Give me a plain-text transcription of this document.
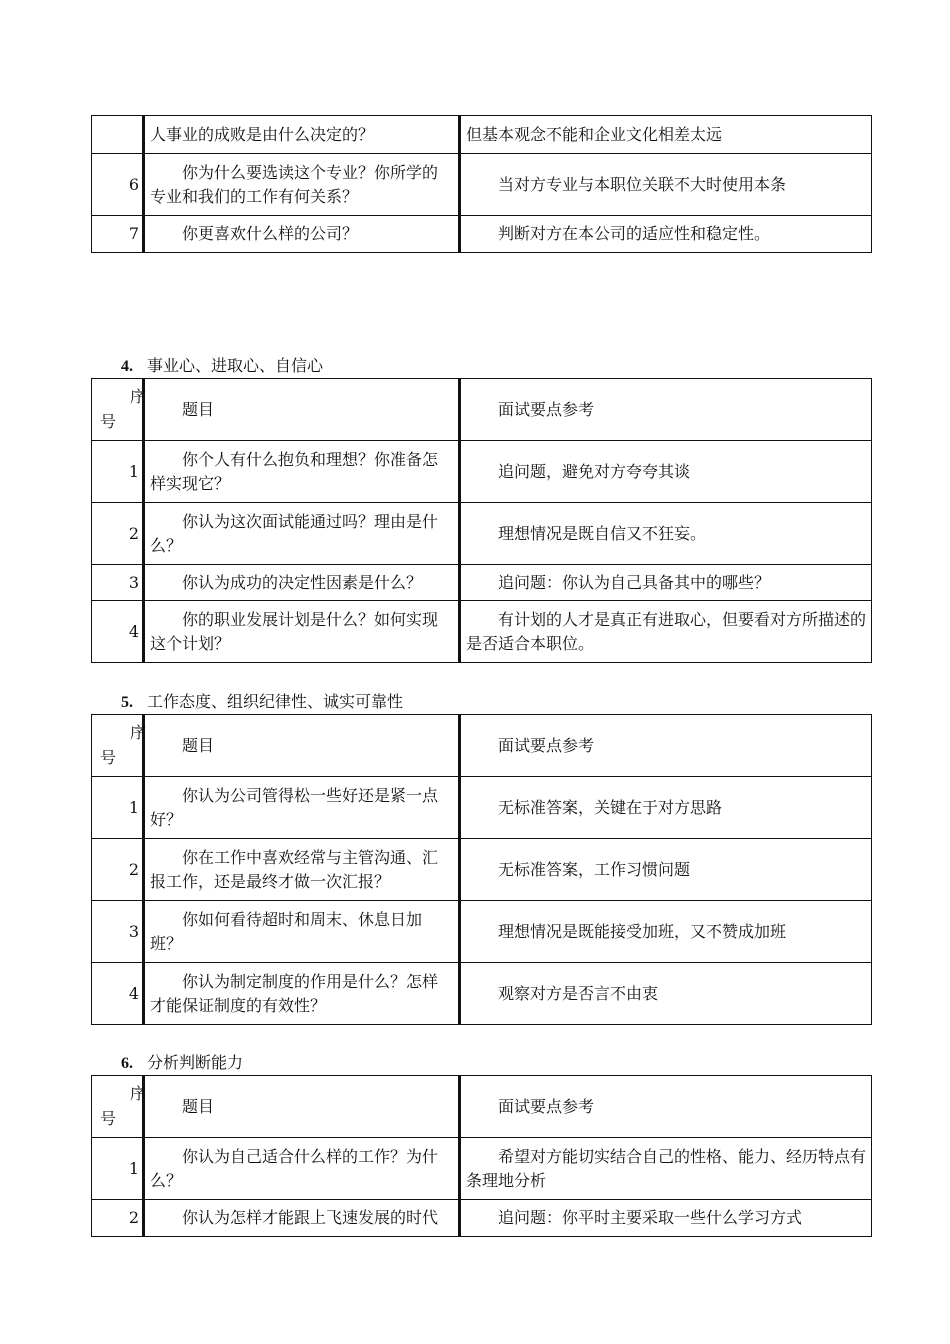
	人事业的成败是由什么决定的？	但基本观念不能和企业文化相差太远

6	你为什么要选读这个专业？你所学的专业和我们的工作有何关系？	当对方专业与本职位关联不大时使用本条

7	你更喜欢什么样的公司？	判断对方在本公司的适应性和稳定性。
4. 事业心、进取心、自信心
序
号	题目	面试要点参考

1	你个人有什么抱负和理想？你准备怎样实现它？	追问题，避免对方夸夸其谈

2	你认为这次面试能通过吗？理由是什么？	理想情况是既自信又不狂妄。

3	你认为成功的决定性因素是什么？	追问题：你认为自己具备其中的哪些？

4	你的职业发展计划是什么？如何实现这个计划？	有计划的人才是真正有进取心，但要看对方所描述的是否适合本职位。
5. 工作态度、组织纪律性、诚实可靠性
序
号	题目	面试要点参考

1	你认为公司管得松一些好还是紧一点好？	无标准答案，关键在于对方思路

2	你在工作中喜欢经常与主管沟通、汇报工作，还是最终才做一次汇报？	无标准答案，工作习惯问题

3	你如何看待超时和周末、休息日加班？	理想情况是既能接受加班，又不赞成加班

4	你认为制定制度的作用是什么？怎样才能保证制度的有效性？	观察对方是否言不由衷
6. 分析判断能力
序
号	题目	面试要点参考

1	你认为自己适合什么样的工作？为什么？	希望对方能切实结合自己的性格、能力、经历特点有条理地分析

2	你认为怎样才能跟上飞速发展的时代	追问题：你平时主要采取一些什么学习方式
